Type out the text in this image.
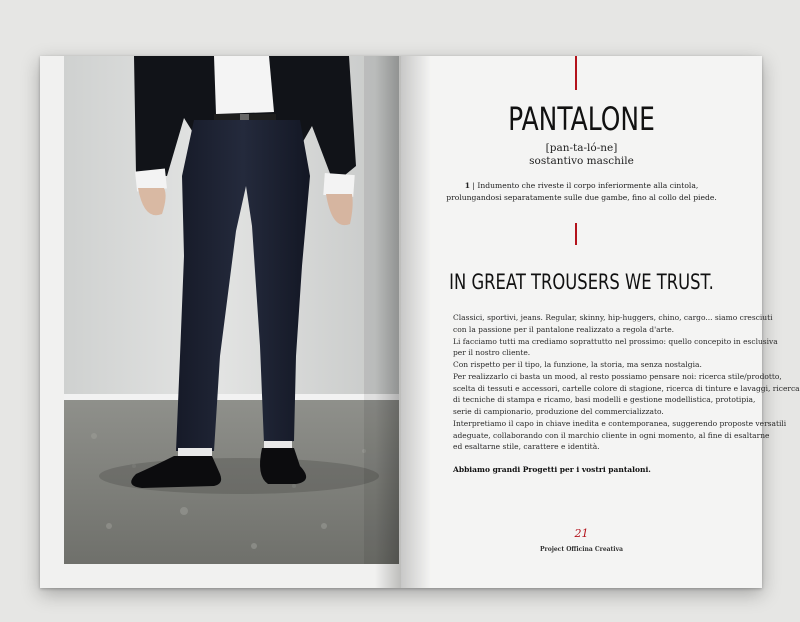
PANTALONE
[pan-ta-ló-ne]
sostantivo maschile
1 | Indumento che riveste il corpo inferiormente alla cintola,
prolungandosi separatamente sulle due gambe, fino al collo del piede.
IN GREAT TROUSERS WE TRUST.
Classici, sportivi, jeans. Regular, skinny, hip-huggers, chino, cargo... siamo cresciuti
con la passione per il pantalone realizzato a regola d'arte.
Li facciamo tutti ma crediamo soprattutto nel prossimo: quello concepito in esclusiva
per il nostro cliente.
Con rispetto per il tipo, la funzione, la storia, ma senza nostalgia.
Per realizzarlo ci basta un mood, al resto possiamo pensare noi: ricerca stile/prodotto,
scelta di tessuti e accessori, cartelle colore di stagione, ricerca di tinture e lavaggi, ricerca
di tecniche di stampa e ricamo, basi modelli e gestione modellistica, prototipia,
serie di campionario, produzione del commercializzato.
Interpretiamo il capo in chiave inedita e contemporanea, suggerendo proposte versatili
adeguate, collaborando con il marchio cliente in ogni momento, al fine di esaltarne
ed esaltarne stile, carattere e identità.
Abbiamo grandi Progetti per i vostri pantaloni.
21
Project Officina Creativa
